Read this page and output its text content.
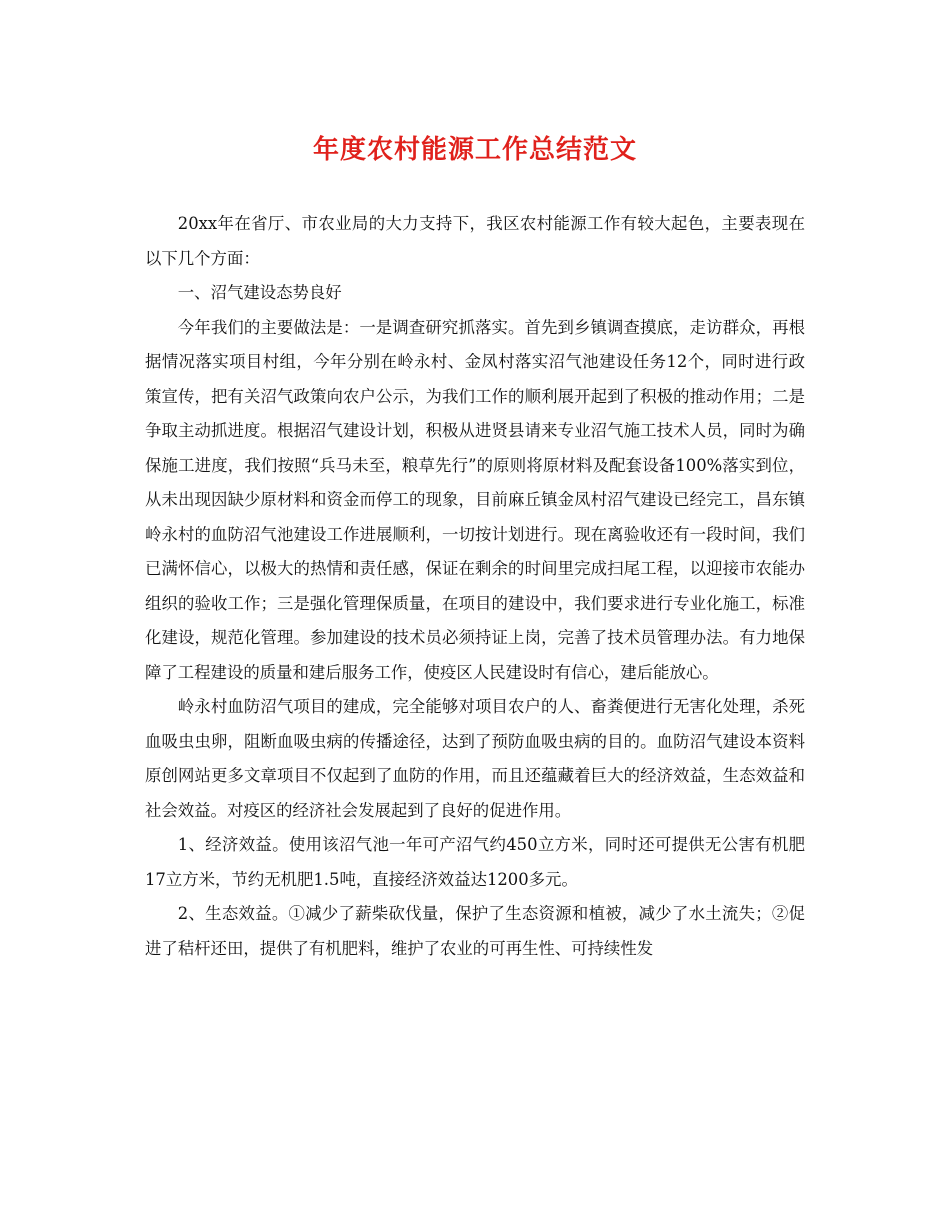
年度农村能源工作总结范文

20xx年在省厅、市农业局的大力支持下，我区农村能源工作有较大起色，主要表现在以下几个方面：

一、沼气建设态势良好

今年我们的主要做法是：一是调查研究抓落实。首先到乡镇调查摸底，走访群众，再根据情况落实项目村组，今年分别在岭永村、金凤村落实沼气池建设任务12个，同时进行政策宣传，把有关沼气政策向农户公示，为我们工作的顺利展开起到了积极的推动作用；二是争取主动抓进度。根据沼气建设计划，积极从进贤县请来专业沼气施工技术人员，同时为确保施工进度，我们按照“兵马未至，粮草先行”的原则将原材料及配套设备100%落实到位，从未出现因缺少原材料和资金而停工的现象，目前麻丘镇金凤村沼气建设已经完工，昌东镇岭永村的血防沼气池建设工作进展顺利，一切按计划进行。现在离验收还有一段时间，我们已满怀信心，以极大的热情和责任感，保证在剩余的时间里完成扫尾工程，以迎接市农能办组织的验收工作；三是强化管理保质量，在项目的建设中，我们要求进行专业化施工，标准化建设，规范化管理。参加建设的技术员必须持证上岗，完善了技术员管理办法。有力地保障了工程建设的质量和建后服务工作，使疫区人民建设时有信心，建后能放心。

岭永村血防沼气项目的建成，完全能够对项目农户的人、畜粪便进行无害化处理，杀死血吸虫虫卵，阻断血吸虫病的传播途径，达到了预防血吸虫病的目的。血防沼气建设本资料原创网站更多文章项目不仅起到了血防的作用，而且还蕴藏着巨大的经济效益，生态效益和社会效益。对疫区的经济社会发展起到了良好的促进作用。

1、经济效益。使用该沼气池一年可产沼气约450立方米，同时还可提供无公害有机肥17立方米，节约无机肥1.5吨，直接经济效益达1200多元。

2、生态效益。①减少了薪柴砍伐量，保护了生态资源和植被，减少了水土流失；②促进了秸杆还田，提供了有机肥料，维护了农业的可再生性、可持续性发
